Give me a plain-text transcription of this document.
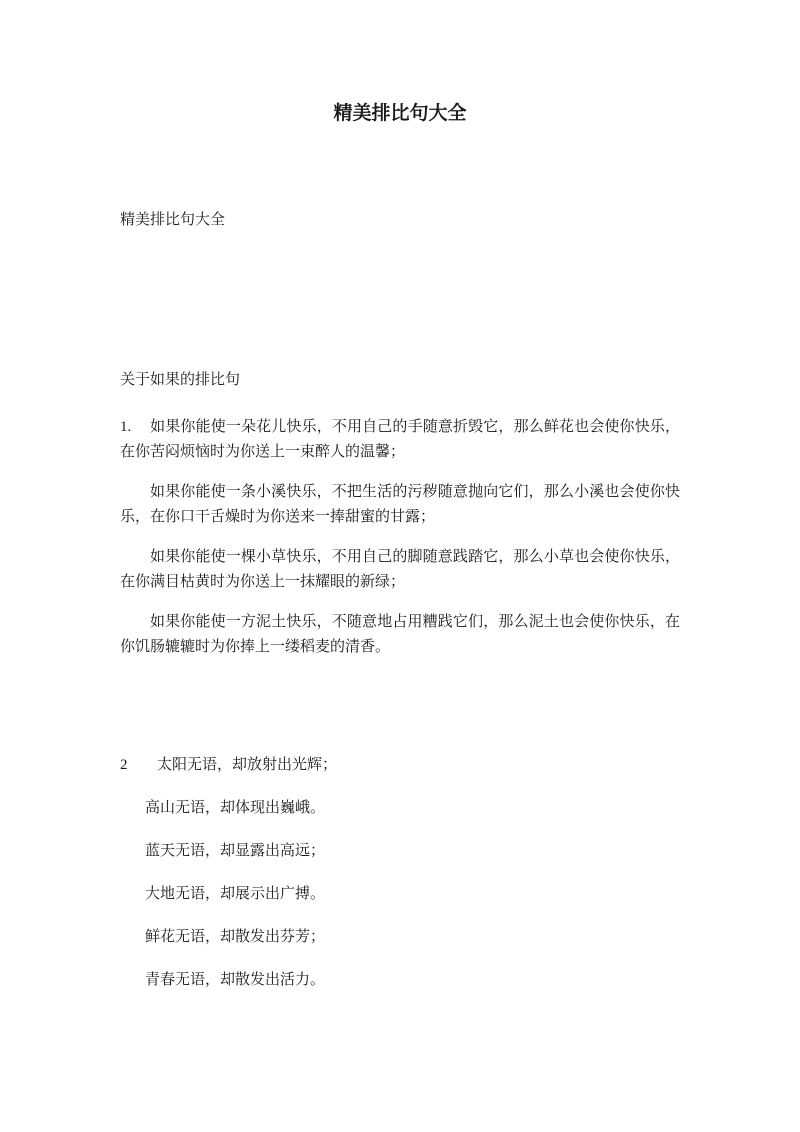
精美排比句大全

精美排比句大全

关于如果的排比句

1. 如果你能使一朵花儿快乐，不用自己的手随意折毁它，那么鲜花也会使你快乐，在你苦闷烦恼时为你送上一束醉人的温馨；

如果你能使一条小溪快乐，不把生活的污秽随意抛向它们，那么小溪也会使你快乐，在你口干舌燥时为你送来一捧甜蜜的甘露；

如果你能使一棵小草快乐，不用自己的脚随意践踏它，那么小草也会使你快乐，在你满目枯黄时为你送上一抹耀眼的新绿；

如果你能使一方泥土快乐，不随意地占用糟践它们，那么泥土也会使你快乐，在你饥肠辘辘时为你捧上一缕稻麦的清香。

2 太阳无语，却放射出光辉；

高山无语，却体现出巍峨。

蓝天无语，却显露出高远；

大地无语，却展示出广搏。

鲜花无语，却散发出芬芳；

青春无语，却散发出活力。
